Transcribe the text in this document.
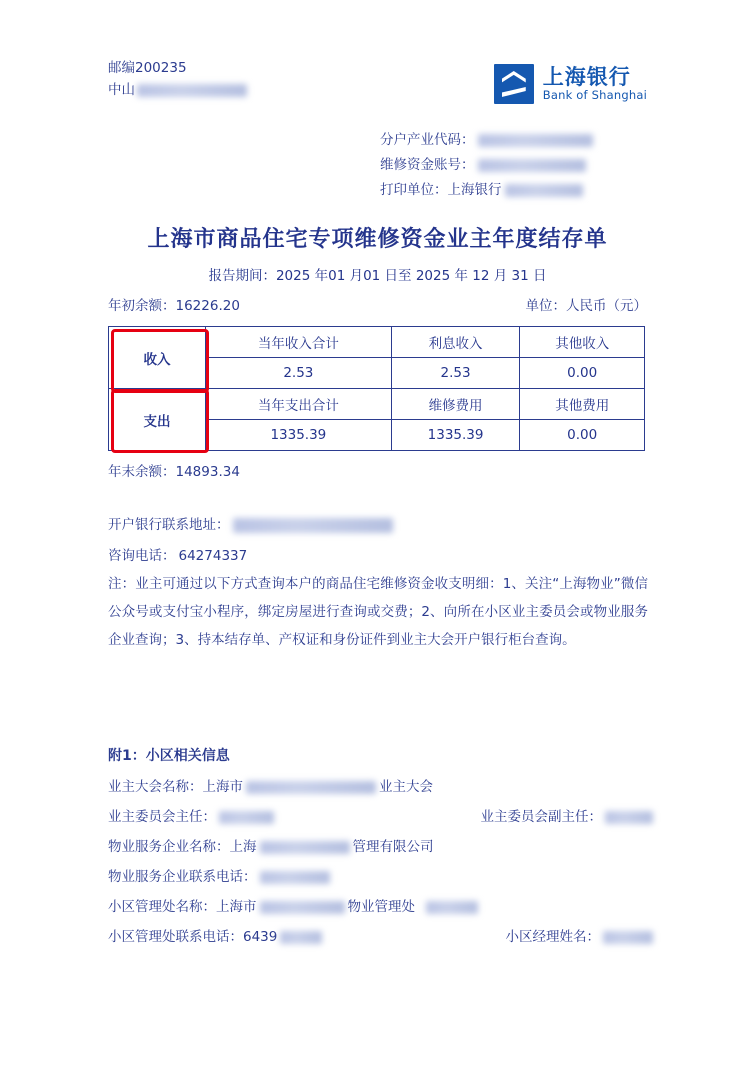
邮编200235
中山
上海银行
Bank of Shanghai
分户产业代码：
维修资金账号：
打印单位：上海银行
上海市商品住宅专项维修资金业主年度结存单
报告期间：2025 年01 月01 日至 2025 年 12 月 31 日
年初余额：16226.20	单位：人民币（元）
收入	当年收入合计	利息收入	其他收入
	2.53	2.53	0.00
支出	当年支出合计	维修费用	其他费用
	1335.39	1335.39	0.00
年末余额：14893.34
开户银行联系地址：
咨询电话： 64274337
注：业主可通过以下方式查询本户的商品住宅维修资金收支明细：1、关注“上海物业”微信公众号或支付宝小程序，绑定房屋进行查询或交费；2、向所在小区业主委员会或物业服务企业查询；3、持本结存单、产权证和身份证件到业主大会开户银行柜台查询。
附1：小区相关信息
业主大会名称：上海市	业主大会
业主委员会主任：	业主委员会副主任：
物业服务企业名称：上海	管理有限公司
物业服务企业联系电话：
小区管理处名称：上海市	物业管理处
小区管理处联系电话：6439	小区经理姓名：
